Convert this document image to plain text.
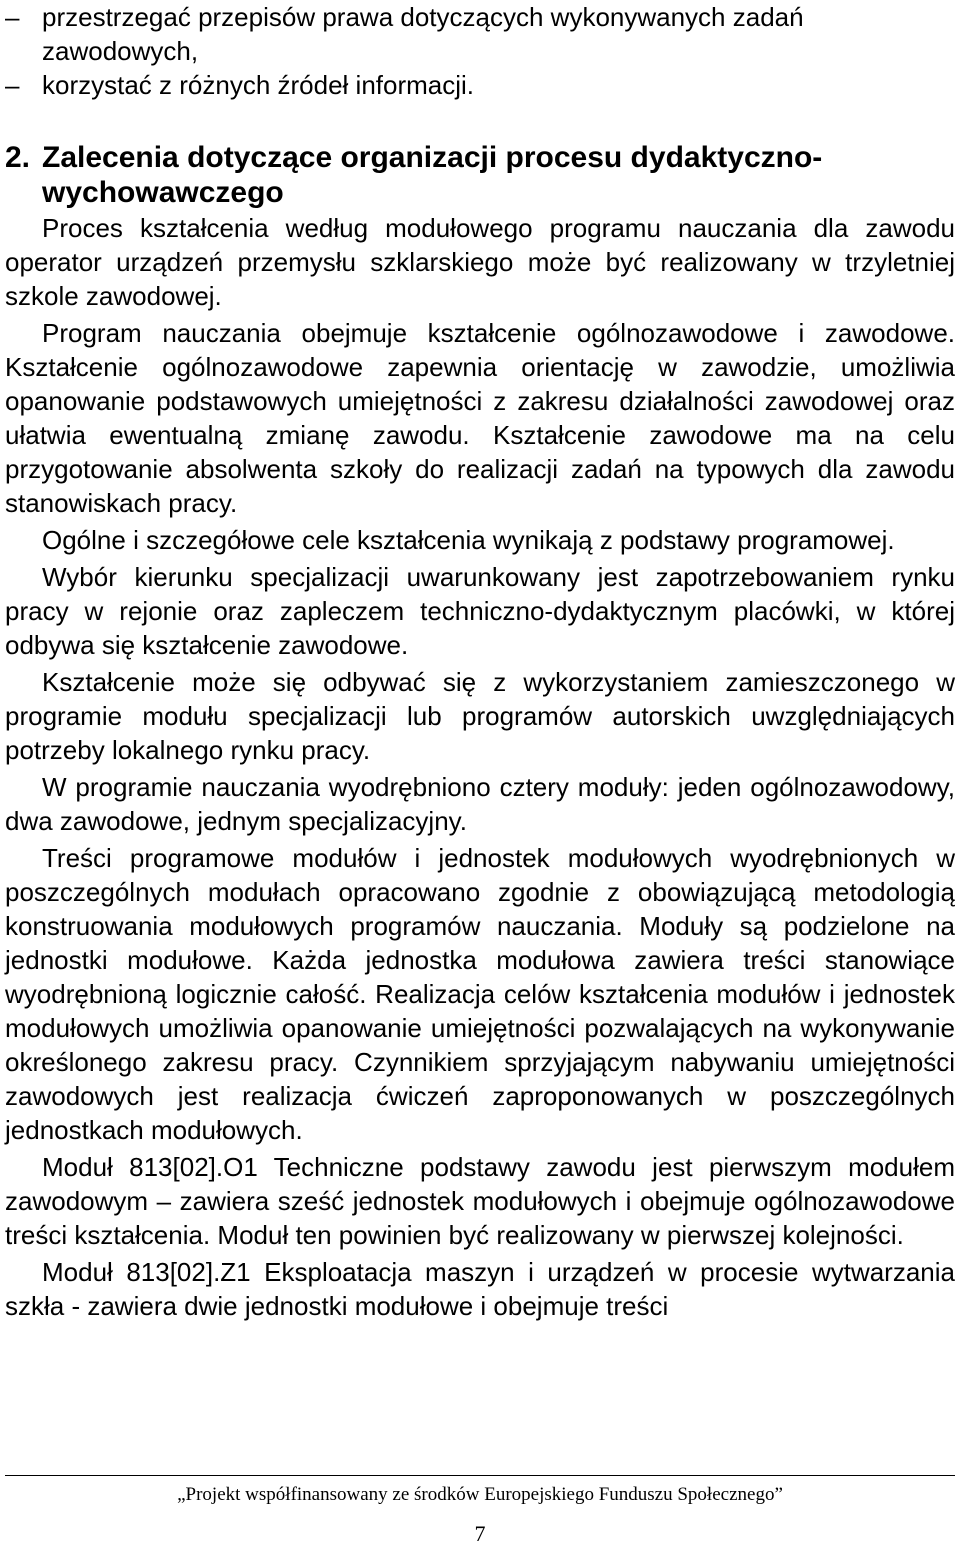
– przestrzegać przepisów prawa dotyczących wykonywanych zadań zawodowych,
– korzystać z różnych źródeł informacji.
2. Zalecenia dotyczące organizacji procesu dydaktyczno-wychowawczego

Proces kształcenia według modułowego programu nauczania dla zawodu operator urządzeń przemysłu szklarskiego może być realizowany w trzyletniej szkole zawodowej.

Program nauczania obejmuje kształcenie ogólnozawodowe i zawodowe. Kształcenie ogólnozawodowe zapewnia orientację w zawodzie, umożliwia opanowanie podstawowych umiejętności z zakresu działalności zawodowej oraz ułatwia ewentualną zmianę zawodu. Kształcenie zawodowe ma na celu przygotowanie absolwenta szkoły do realizacji zadań na typowych dla zawodu stanowiskach pracy.

Ogólne i szczegółowe cele kształcenia wynikają z podstawy programowej.

Wybór kierunku specjalizacji uwarunkowany jest zapotrzebowaniem rynku pracy w rejonie oraz zapleczem techniczno-dydaktycznym placówki, w której odbywa się kształcenie zawodowe.

Kształcenie może się odbywać się z wykorzystaniem zamieszczonego w programie modułu specjalizacji lub programów autorskich uwzględniających potrzeby lokalnego rynku pracy.

W programie nauczania wyodrębniono cztery moduły: jeden ogólnozawodowy, dwa zawodowe, jednym specjalizacyjny.

Treści programowe modułów i jednostek modułowych wyodrębnionych w poszczególnych modułach opracowano zgodnie z obowiązującą metodologią konstruowania modułowych programów nauczania. Moduły są podzielone na jednostki modułowe. Każda jednostka modułowa zawiera treści stanowiące wyodrębnioną logicznie całość. Realizacja celów kształcenia modułów i jednostek modułowych umożliwia opanowanie umiejętności pozwalających na wykonywanie określonego zakresu pracy. Czynnikiem sprzyjającym nabywaniu umiejętności zawodowych jest realizacja ćwiczeń zaproponowanych w poszczególnych jednostkach modułowych.

Moduł 813[02].O1 Techniczne podstawy zawodu jest pierwszym modułem zawodowym – zawiera sześć jednostek modułowych i obejmuje ogólnozawodowe treści kształcenia. Moduł ten powinien być realizowany w pierwszej kolejności.

Moduł 813[02].Z1 Eksploatacja maszyn i urządzeń w procesie wytwarzania szkła - zawiera dwie jednostki modułowe i obejmuje treści

„Projekt współfinansowany ze środków Europejskiego Funduszu Społecznego”
7
